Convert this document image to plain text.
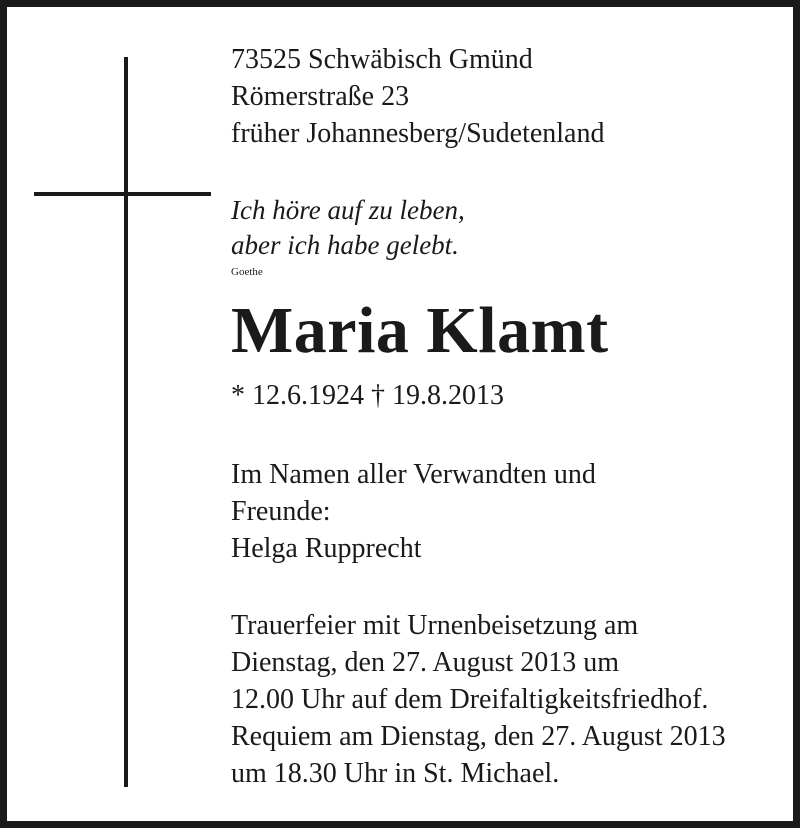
73525 Schwäbisch Gmünd
Römerstraße 23
früher Johannesberg/Sudetenland
Ich höre auf zu leben,
aber ich habe gelebt.
Goethe
Maria Klamt
* 12.6.1924 † 19.8.2013
Im Namen aller Verwandten und
Freunde:
Helga Rupprecht
Trauerfeier mit Urnenbeisetzung am
Dienstag, den 27. August 2013 um
12.00 Uhr auf dem Dreifaltigkeitsfriedhof.
Requiem am Dienstag, den 27. August 2013
um 18.30 Uhr in St. Michael.
